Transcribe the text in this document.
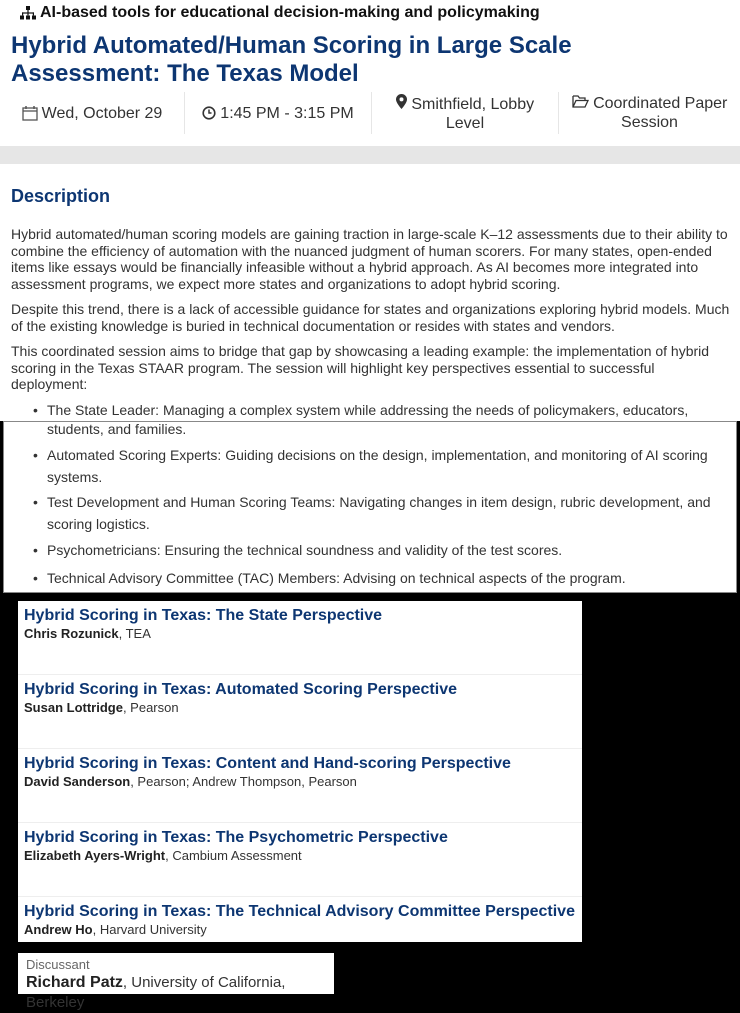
AI-based tools for educational decision-making and policymaking
Hybrid Automated/Human Scoring in Large Scale Assessment: The Texas Model
Wed, October 29	1:45 PM - 3:15 PM
Smithfield, Lobby Level
Coordinated Paper Session
Description

Hybrid automated/human scoring models are gaining traction in large-scale K–12 assessments due to their ability to combine the efficiency of automation with the nuanced judgment of human scorers. For many states, open-ended items like essays would be financially infeasible without a hybrid approach. As AI becomes more integrated into assessment programs, we expect more states and organizations to adopt hybrid scoring.

Despite this trend, there is a lack of accessible guidance for states and organizations exploring hybrid models. Much of the existing knowledge is buried in technical documentation or resides with states and vendors.

This coordinated session aims to bridge that gap by showcasing a leading example: the implementation of hybrid scoring in the Texas STAAR program. The session will highlight key perspectives essential to successful deployment:

• The State Leader: Managing a complex system while addressing the needs of policymakers, educators, students, and families.
• Automated Scoring Experts: Guiding decisions on the design, implementation, and monitoring of AI scoring systems.
• Test Development and Human Scoring Teams: Navigating changes in item design, rubric development, and scoring logistics.
• Psychometricians: Ensuring the technical soundness and validity of the test scores.
• Technical Advisory Committee (TAC) Members: Advising on technical aspects of the program.
Hybrid Scoring in Texas: The State Perspective
Chris Rozunick, TEA
Hybrid Scoring in Texas: Automated Scoring Perspective
Susan Lottridge, Pearson
Hybrid Scoring in Texas: Content and Hand-scoring Perspective
David Sanderson, Pearson; Andrew Thompson, Pearson
Hybrid Scoring in Texas: The Psychometric Perspective
Elizabeth Ayers-Wright, Cambium Assessment
Hybrid Scoring in Texas: The Technical Advisory Committee Perspective
Andrew Ho, Harvard University
Discussant
Richard Patz, University of California, Berkeley
